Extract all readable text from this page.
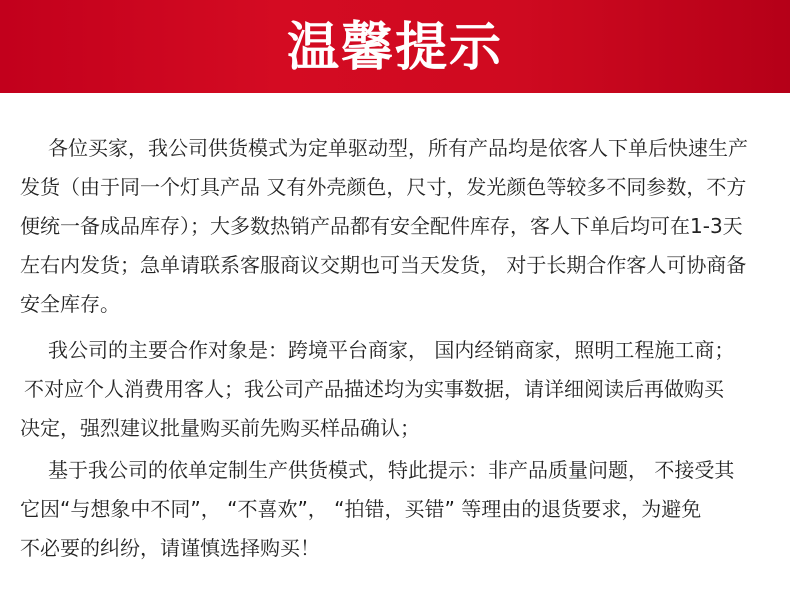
温馨提示
各位买家，我公司供货模式为定单驱动型，所有产品均是依客人下单后快速生产
发货（由于同一个灯具产品 又有外壳颜色，尺寸，发光颜色等较多不同参数，不方
便统一备成品库存）；大多数热销产品都有安全配件库存，客人下单后均可在1-3天
左右内发货；急单请联系客服商议交期也可当天发货， 对于长期合作客人可协商备
安全库存。
我公司的主要合作对象是：跨境平台商家， 国内经销商家，照明工程施工商；
不对应个人消费用客人；我公司产品描述均为实事数据，请详细阅读后再做购买
决定，强烈建议批量购买前先购买样品确认；
基于我公司的依单定制生产供货模式，特此提示：非产品质量问题， 不接受其
它因“与想象中不同”， “不喜欢”， “拍错，买错” 等理由的退货要求，为避免
不必要的纠纷，请谨慎选择购买！
